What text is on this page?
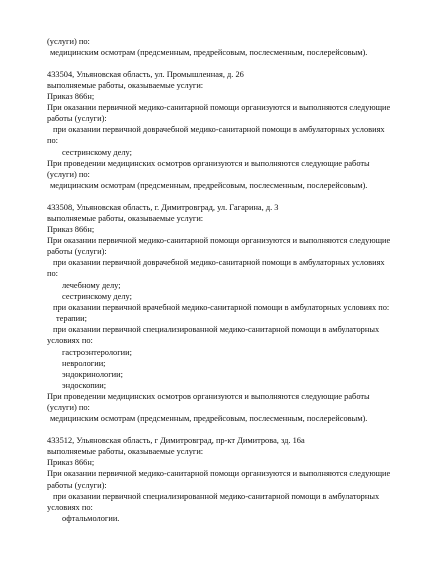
(услуги) по:
медицинским осмотрам (предсменным, предрейсовым, послесменным, послерейсовым).
433504, Ульяновская область, ул. Промышленная, д. 26
выполняемые работы, оказываемые услуги:
Приказ 866н;
При оказании первичной медико-санитарной помощи организуются и выполняются следующие
работы (услуги):
при оказании первичной доврачебной медико-санитарной помощи в амбулаторных условиях
по:
сестринскому делу;
При проведении медицинских осмотров организуются и выполняются следующие работы
(услуги) по:
медицинским осмотрам (предсменным, предрейсовым, послесменным, послерейсовым).
433508, Ульяновская область, г. Димитровград, ул. Гагарина, д. 3
выполняемые работы, оказываемые услуги:
Приказ 866н;
При оказании первичной медико-санитарной помощи организуются и выполняются следующие
работы (услуги):
при оказании первичной доврачебной медико-санитарной помощи в амбулаторных условиях
по:
лечебному делу;
сестринскому делу;
при оказании первичной врачебной медико-санитарной помощи в амбулаторных условиях по:
терапии;
при оказании первичной специализированной медико-санитарной помощи в амбулаторных
условиях по:
гастроэнтерологии;
неврологии;
эндокринологии;
эндоскопии;
При проведении медицинских осмотров организуются и выполняются следующие работы
(услуги) по:
медицинским осмотрам (предсменным, предрейсовым, послесменным, послерейсовым).
433512, Ульяновская область, г Димитровград, пр-кт Димитрова, зд. 16а
выполняемые работы, оказываемые услуги:
Приказ 866н;
При оказании первичной медико-санитарной помощи организуются и выполняются следующие
работы (услуги):
при оказании первичной специализированной медико-санитарной помощи в амбулаторных
условиях по:
офтальмологии.
